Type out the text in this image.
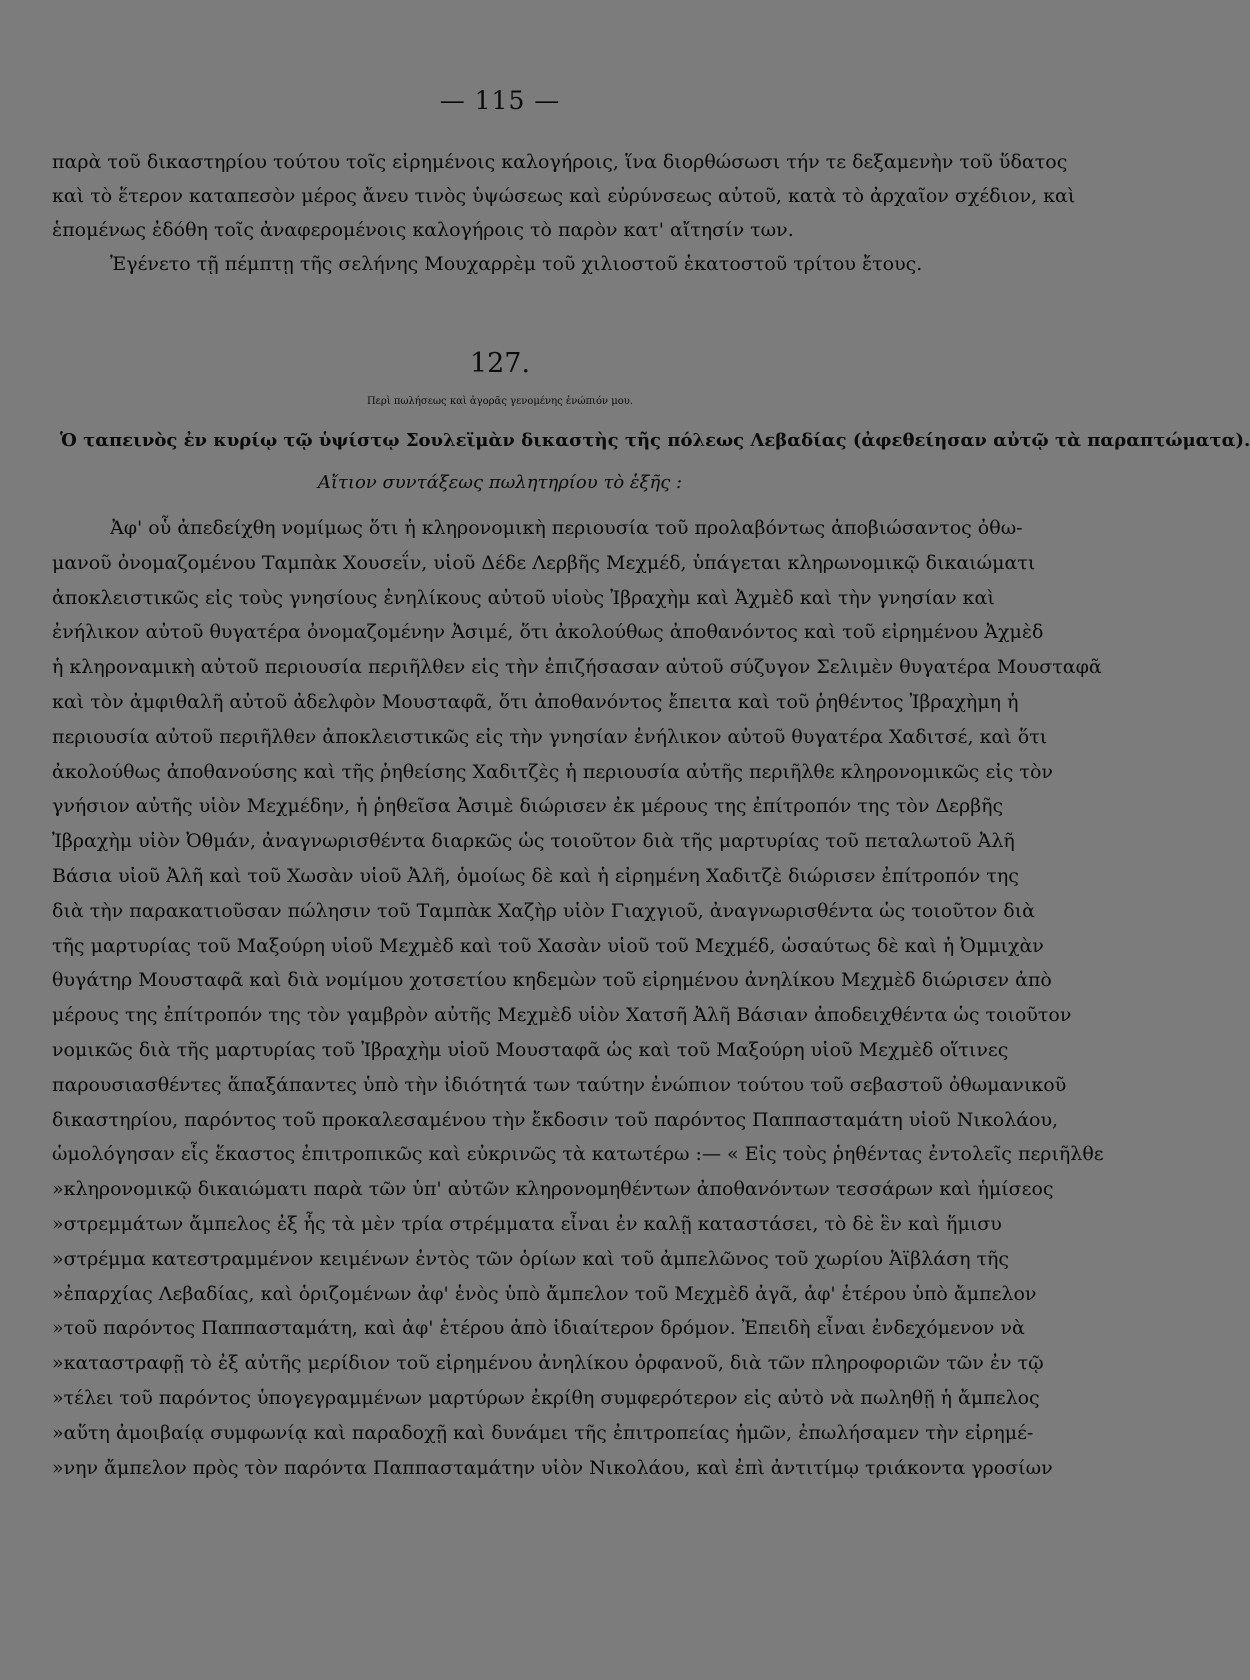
— 115 —
παρὰ τοῦ δικαστηρίου τούτου τοῖς εἰρημένοις καλογήροις, ἵνα διορθώσωσι τήν τε δεξαμενὴν τοῦ ὕδατος
καὶ τὸ ἕτερον καταπεσὸν μέρος ἄνευ τινὸς ὑψώσεως καὶ εὐρύνσεως αὐτοῦ, κατὰ τὸ ἀρχαῖον σχέδιον, καὶ
ἑπομένως ἐδόθη τοῖς ἀναφερομένοις καλογήροις τὸ παρὸν κατ' αἴτησίν των.
Ἐγένετο τῇ πέμπτῃ τῆς σελήνης Μουχαρρὲμ τοῦ χιλιοστοῦ ἑκατοστοῦ τρίτου ἔτους.
127.
Περὶ πωλήσεως καὶ ἀγορᾶς γενομένης ἐνώπιόν μου.
Ὁ ταπεινὸς ἐν κυρίῳ τῷ ὑψίστῳ Σουλεϊμὰν δικαστὴς τῆς πόλεως Λεβαδίας (ἀφεθείησαν αὐτῷ τὰ παραπτώματα).
Αἴτιον συντάξεως πωλητηρίου τὸ ἑξῆς :
Ἀφ' οὗ ἀπεδείχθη νομίμως ὅτι ἡ κληρονομικὴ περιουσία τοῦ προλαβόντως ἀποβιώσαντος ὀθω-
μανοῦ ὀνομαζομένου Ταμπὰκ Χουσεΐν, υἱοῦ Δέδε Λερβῆς Μεχμέδ, ὑπάγεται κληρωνομικῷ δικαιώματι
ἀποκλειστικῶς εἰς τοὺς γνησίους ἐνηλίκους αὐτοῦ υἱοὺς Ἰβραχὴμ καὶ Ἀχμὲδ καὶ τὴν γνησίαν καὶ
ἐνήλικον αὐτοῦ θυγατέρα ὀνομαζομένην Ἀσιμέ, ὅτι ἀκολούθως ἀποθανόντος καὶ τοῦ εἰρημένου Ἀχμὲδ
ἡ κληροναμικὴ αὐτοῦ περιουσία περιῆλθεν εἰς τὴν ἐπιζήσασαν αὐτοῦ σύζυγον Σελιμὲν θυγατέρα Μουσταφᾶ
καὶ τὸν ἀμφιθαλῆ αὐτοῦ ἀδελφὸν Μουσταφᾶ, ὅτι ἀποθανόντος ἔπειτα καὶ τοῦ ῥηθέντος Ἰβραχὴμη ἡ
περιουσία αὐτοῦ περιῆλθεν ἀποκλειστικῶς εἰς τὴν γνησίαν ἐνήλικον αὐτοῦ θυγατέρα Χαδιτσέ, καὶ ὅτι
ἀκολούθως ἀποθανούσης καὶ τῆς ῥηθείσης Χαδιτζὲς ἡ περιουσία αὐτῆς περιῆλθε κληρονομικῶς εἰς τὸν
γνήσιον αὐτῆς υἱὸν Μεχμέδην, ἡ ῥηθεῖσα Ἀσιμὲ διώρισεν ἐκ μέρους της ἐπίτροπόν της τὸν Δερβῆς
Ἰβραχὴμ υἱὸν Ὀθμάν, ἀναγνωρισθέντα διαρκῶς ὡς τοιοῦτον διὰ τῆς μαρτυρίας τοῦ πεταλωτοῦ Ἀλῆ
Βάσια υἱοῦ Ἀλῆ καὶ τοῦ Χωσὰν υἱοῦ Ἀλῆ, ὁμοίως δὲ καὶ ἡ εἰρημένη Χαδιτζὲ διώρισεν ἐπίτροπόν της
διὰ τὴν παρακατιοῦσαν πώλησιν τοῦ Ταμπὰκ Χαζὴρ υἱὸν Γιαχγιοῦ, ἀναγνωρισθέντα ὡς τοιοῦτον διὰ
τῆς μαρτυρίας τοῦ Μαξούρη υἱοῦ Μεχμὲδ καὶ τοῦ Χασὰν υἱοῦ τοῦ Μεχμέδ, ὡσαύτως δὲ καὶ ἡ Ὀμμιχὰν
θυγάτηρ Μουσταφᾶ καὶ διὰ νομίμου χοτσετίου κηδεμὼν τοῦ εἰρημένου ἀνηλίκου Μεχμὲδ διώρισεν ἀπὸ
μέρους της ἐπίτροπόν της τὸν γαμβρὸν αὐτῆς Μεχμὲδ υἱὸν Χατσῆ Ἀλῆ Βάσιαν ἀποδειχθέντα ὡς τοιοῦτον
νομικῶς διὰ τῆς μαρτυρίας τοῦ Ἰβραχὴμ υἱοῦ Μουσταφᾶ ὡς καὶ τοῦ Μαξούρη υἱοῦ Μεχμὲδ οἵτινες
παρουσιασθέντες ἅπαξάπαντες ὑπὸ τὴν ἰδιότητά των ταύτην ἐνώπιον τούτου τοῦ σεβαστοῦ ὀθωμανικοῦ
δικαστηρίου, παρόντος τοῦ προκαλεσαμένου τὴν ἔκδοσιν τοῦ παρόντος Παππασταμάτη υἱοῦ Νικολάου,
ὡμολόγησαν εἷς ἕκαστος ἐπιτροπικῶς καὶ εὐκρινῶς τὰ κατωτέρω :— « Εἰς τοὺς ῥηθέντας ἐντολεῖς περιῆλθε
»κληρονομικῷ δικαιώματι παρὰ τῶν ὑπ' αὐτῶν κληρονομηθέντων ἀποθανόντων τεσσάρων καὶ ἡμίσεος
»στρεμμάτων ἄμπελος ἐξ ἧς τὰ μὲν τρία στρέμματα εἶναι ἐν καλῇ καταστάσει, τὸ δὲ ἓν καὶ ἥμισυ
»στρέμμα κατεστραμμένον κειμένων ἐντὸς τῶν ὁρίων καὶ τοῦ ἀμπελῶνος τοῦ χωρίου Ἁϊβλάση τῆς
»ἐπαρχίας Λεβαδίας, καὶ ὁριζομένων ἀφ' ἑνὸς ὑπὸ ἄμπελον τοῦ Μεχμὲδ ἀγᾶ, ἀφ' ἑτέρου ὑπὸ ἄμπελον
»τοῦ παρόντος Παππασταμάτη, καὶ ἀφ' ἑτέρου ἀπὸ ἰδιαίτερον δρόμον. Ἐπειδὴ εἶναι ἐνδεχόμενον νὰ
»καταστραφῇ τὸ ἐξ αὐτῆς μερίδιον τοῦ εἰρημένου ἀνηλίκου ὀρφανοῦ, διὰ τῶν πληροφοριῶν τῶν ἐν τῷ
»τέλει τοῦ παρόντος ὑπογεγραμμένων μαρτύρων ἐκρίθη συμφερότερον εἰς αὐτὸ νὰ πωληθῇ ἡ ἄμπελος
»αὕτη ἀμοιβαίᾳ συμφωνίᾳ καὶ παραδοχῇ καὶ δυνάμει τῆς ἐπιτροπείας ἡμῶν, ἐπωλήσαμεν τὴν εἰρημέ-
»νην ἄμπελον πρὸς τὸν παρόντα Παππασταμάτην υἱὸν Νικολάου, καὶ ἐπὶ ἀντιτίμῳ τριάκοντα γροσίων
